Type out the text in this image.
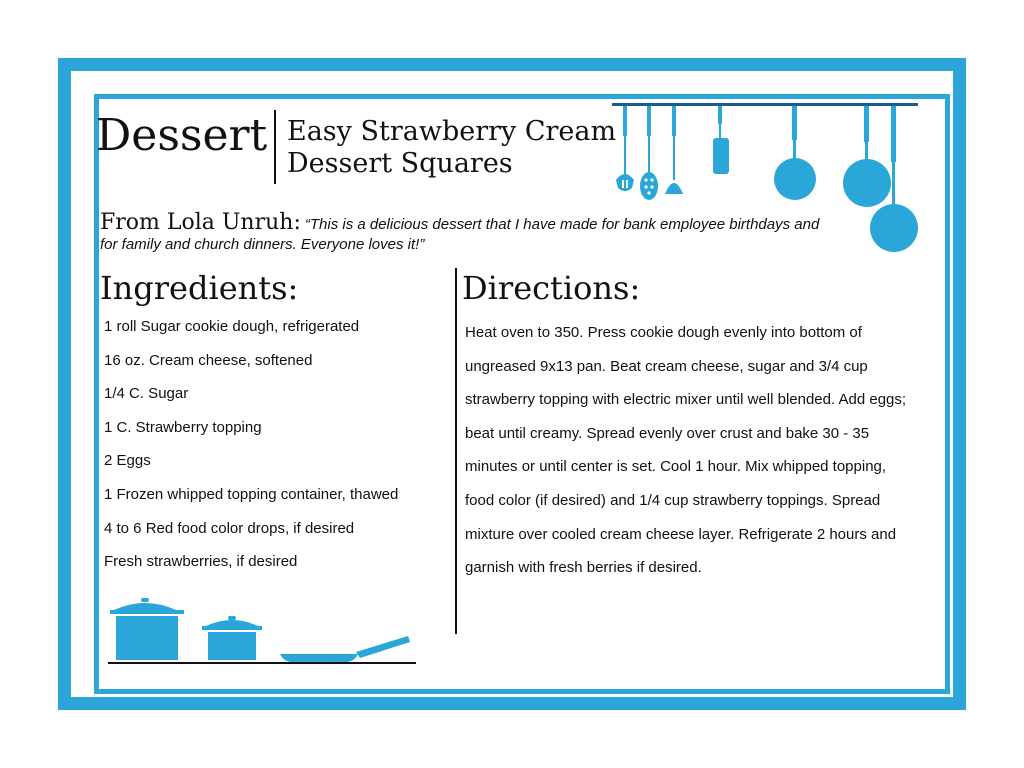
Dessert Easy Strawberry Cream
Dessert Squares
From Lola Unruh: “This is a delicious dessert that I have made for bank employee birthdays and for family and church dinners. Everyone loves it!”
Ingredients:	Directions:
1 roll Sugar cookie dough, refrigerated
16 oz. Cream cheese, softened
1/4 C. Sugar
1 C. Strawberry topping
2 Eggs
1 Frozen whipped topping container, thawed
4 to 6 Red food color drops, if desired
Fresh strawberries, if desired
Heat oven to 350. Press cookie dough evenly into bottom of ungreased 9x13 pan. Beat cream cheese, sugar and 3/4 cup strawberry topping with electric mixer until well blended. Add eggs; beat until creamy. Spread evenly over crust and bake 30 - 35 minutes or until center is set. Cool 1 hour. Mix whipped topping, food color (if desired) and 1/4 cup strawberry toppings. Spread mixture over cooled cream cheese layer. Refrigerate 2 hours and garnish with fresh berries if desired.
